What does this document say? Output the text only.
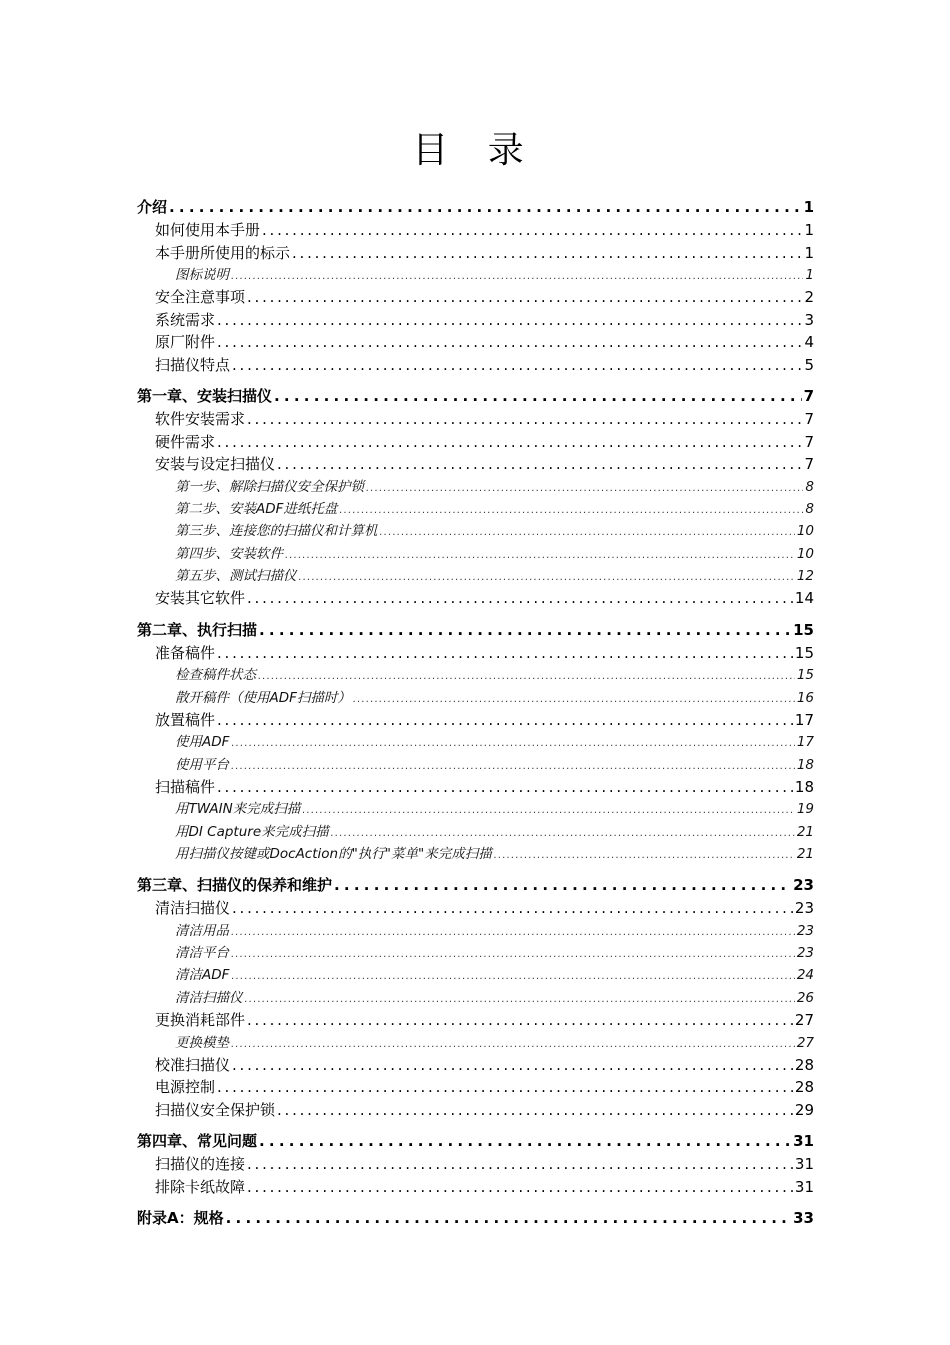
目 录
介绍 . . .	1
如何使用本手册 . . .	1
本手册所使用的标示 . . .	1
图标说明 . . .	1
安全注意事项 . . .	2
系统需求 . . .	3
原厂附件 . . .	4
扫描仪特点 . . .	5
第一章、安装扫描仪 . . .	7
软件安装需求 . . .	7
硬件需求 . . .	7
安装与设定扫描仪 . . .	7
第一步、解除扫描仪安全保护锁 . . .	8
第二步、安装ADF进纸托盘 . . .	8
第三步、连接您的扫描仪和计算机 . . .	10
第四步、安装软件 . . .	10
第五步、测试扫描仪 . . .	12
安装其它软件 . . .	14
第二章、执行扫描 . . .	15
准备稿件 . . .	15
检查稿件状态 . . .	15
散开稿件（使用ADF扫描时） . . .	16
放置稿件 . . .	17
使用ADF . . .	17
使用平台 . . .	18
扫描稿件 . . .	18
用TWAIN来完成扫描 . . .	19
用DI Capture来完成扫描 . . .	21
用扫描仪按键或DocAction的"执行"菜单"来完成扫描 . . .	21
第三章、扫描仪的保养和维护 . . .	23
清洁扫描仪 . . .	23
清洁用品 . . .	23
清洁平台 . . .	23
清洁ADF . . .	24
清洁扫描仪 . . .	26
更换消耗部件 . . .	27
更换模垫 . . .	27
校准扫描仪 . . .	28
电源控制 . . .	28
扫描仪安全保护锁 . . .	29
第四章、常见问题 . . .	31
扫描仪的连接 . . .	31
排除卡纸故障 . . .	31
附录A：规格 . . .	33
